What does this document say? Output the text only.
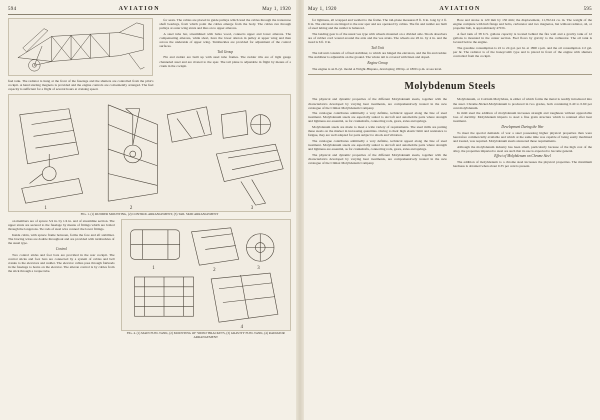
594	AVIATION	May 1, 1920
fuel tank. The radiator is hung at the front of the fuselage and the shutters are controlled from the pilot's cockpit. A hand starting magneto is provided and the engine controls are conveniently arranged. The fuel capacity is sufficient for a flight of several hours at cruising speed.

for seats. The cables are placed in guide pulleys which lead the cables through the transverse shaft bearings, from which point the cables emerge from the body. The cables run through pulleys at outer wing struts and thus on to upper ailerons.

A steel tube bar, streamlined with balsa wood, connects upper and lower ailerons. The compensating ailerons, while short, have the lower aileron in pulley at upper wing and then across the underside of upper wing. Turnbuckles are provided for adjustment of the control surfaces.

Tail Group

Fin and rudder are built up with steel tube frames. The rudder ribs are of light gauge channeled steel and are riveted to the spar. The tail plane is adjustable in flight by means of a crank in the cockpit.

1	2	3
FIG. 1. (1) RUDDER MOUNTING, (2) CONTROL ARRANGEMENT, (3) TAIL SKID ARRANGEMENT

on members are of spruce 3/4 in. by 1/4 in. and of streamline section. The upper struts are secured to the fuselage by means of fittings which are bolted through the longerons. Tie rods of steel wire connect the lower fittings.

Inside cabin, with spruce frame between, forms the fore and aft stabilizer. The bracing wires are double throughout and are provided with turnbuckles of the usual type.

Control

Two control sticks and foot bars are provided in the rear cockpit. The control sticks and foot bars are connected by a system of cables and bell cranks to the elevators and rudder. The elevator cables pass through fairleads in the fuselage to horns on the elevator. The aileron control is by cables from the stick through a torque tube.	1	2	3
4
FIG. 4. (1) MAIN FUEL TANK, (2) MOUNTING OF 'SIDEO' BRACKETS, (3) GRAVITY FUEL TANK, (4) RADIATOR ARRANGEMENT
May 1, 1920	AVIATION	595

for lightness, all wrapped and welded to the frame. The tail-plane measures 8 ft. 6 in. long by 2 ft. 6 in. The elevators are hinged to the rear spar and are operated by cables. The fin and rudder are built of steel tubing and the rudder is balanced.

The landing gear is of the usual vee type with wheels mounted on a divided axle. Shock absorbers are of rubber cord wound around the axle and the vee struts. The wheels are 26 in. by 4 in. and the tread is 6 ft. 0 in.

Tail Unit

The tail unit consists of a fixed stabilizer, to which are hinged the elevators, and the fin and rudder. The stabilizer is adjustable on the ground. The whole tail is covered with linen and doped.

Engine Group

The engine is an 8-cyl. model A Wright-Hispano, developing 180 hp. at 1800 r.p.m. at sea level.

Bore and stroke is 120 mm by 130 mm; the displacement, 11,762.24 cu. in. The weight of the engine complete with hub flange and bolts, carburetor and two magnetos, but without radiator, oil, or propeller hub, is approximately 470 lb.

A fuel tank of 38 U.S. gallons capacity is located behind the fire wall and a gravity tank of 12 gallons is mounted in the center section. Fuel flows by gravity to the carburetor. The oil tank is located below the engine.

The gasoline consumption is 22 to 24 gal. per hr. at 1800 r.p.m. and the oil consumption 1/2 gal. per hr. The radiator is of the honeycomb type and is placed in front of the engine with shutters controlled from the cockpit.

Molybdenum Steels

The physical and dynamic properties of the different Molybdenum steels, together with the characteristics developed by varying heat treatments, are comprehensively treated in the new catalogue of the Climax Molybdenum Company.

The catalogue contributes admittedly a very definite, technical appeal along the line of steel treatment. Molybdenum steels are especially suited to aircraft and automobile parts where strength and lightness are essential, as for crankshafts, connecting rods, gears, axles and springs.

Molybdenum steels are made to meet a wide variety of requirements. The steel mills are putting these steels on the market in increasing quantities. Owing to their high elastic limit and resistance to fatigue, they are well adapted for parts subject to shock and vibration.

The catalogue contributes admittedly a very definite, technical appeal along the line of steel treatment. Molybdenum steels are especially suited to aircraft and automobile parts where strength and lightness are essential, as for crankshafts, connecting rods, gears, axles and springs.

The physical and dynamic properties of the different Molybdenum steels, together with the characteristics developed by varying heat treatments, are comprehensively treated in the new catalogue of the Climax Molybdenum Company.

Molybdenum, or Calcium Molybdate, is either of which forms the metal is readily introduced into the steel. Chrome-Nickel-Molybdenum is produced in two grades, both containing 0.40 to 0.60 per cent molybdenum.

In mild steel the addition of molybdenum increases strength and toughness without appreciable loss of ductility. Molybdenum imparts to steel a fine grain structure which is retained after heat treatment.

Development During the War

To meet the special demands of war a steel possessing higher physical properties than were heretofore commercially available and which at the same time was capable of being easily machined and treated, was required. Molybdenum steels answered these requirements.

Although the molybdenum industry has been small, particularly because of the high cost of the alloy, the properties imparted to steel are such that its use is expected to become general.

Effect of Molybdenum on Chrome Steel

The addition of molybdenum to a chrome steel increases the physical properties. The maximum hardness is obtained when about 0.35 per cent is present.
